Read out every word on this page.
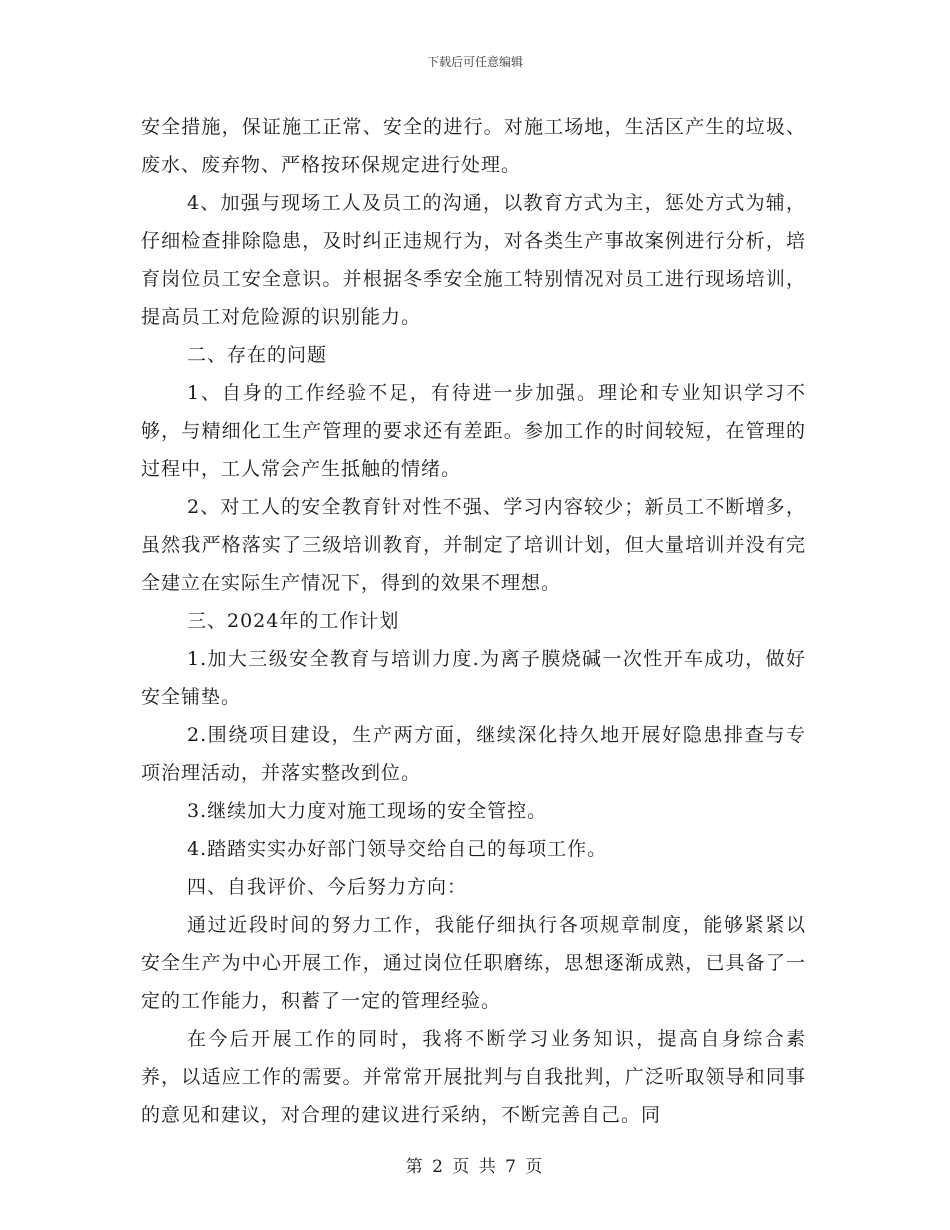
下载后可任意编辑

安全措施，保证施工正常、安全的进行。对施工场地，生活区产生的垃圾、废水、废弃物、严格按环保规定进行处理。

4、加强与现场工人及员工的沟通，以教育方式为主，惩处方式为辅，仔细检查排除隐患，及时纠正违规行为，对各类生产事故案例进行分析，培育岗位员工安全意识。并根据冬季安全施工特别情况对员工进行现场培训，提高员工对危险源的识别能力。

二、存在的问题

1、自身的工作经验不足，有待进一步加强。理论和专业知识学习不够，与精细化工生产管理的要求还有差距。参加工作的时间较短，在管理的过程中，工人常会产生抵触的情绪。

2、对工人的安全教育针对性不强、学习内容较少；新员工不断增多，虽然我严格落实了三级培训教育，并制定了培训计划，但大量培训并没有完全建立在实际生产情况下，得到的效果不理想。

三、2024年的工作计划

1.加大三级安全教育与培训力度.为离子膜烧碱一次性开车成功，做好安全铺垫。

2.围绕项目建设，生产两方面，继续深化持久地开展好隐患排查与专项治理活动，并落实整改到位。

3.继续加大力度对施工现场的安全管控。

4.踏踏实实办好部门领导交给自己的每项工作。

四、自我评价、今后努力方向：

通过近段时间的努力工作，我能仔细执行各项规章制度，能够紧紧以安全生产为中心开展工作，通过岗位任职磨练，思想逐渐成熟，已具备了一定的工作能力，积蓄了一定的管理经验。

在今后开展工作的同时，我将不断学习业务知识，提高自身综合素养，以适应工作的需要。并常常开展批判与自我批判，广泛听取领导和同事的意见和建议，对合理的建议进行采纳，不断完善自己。同

第 2 页 共 7 页
